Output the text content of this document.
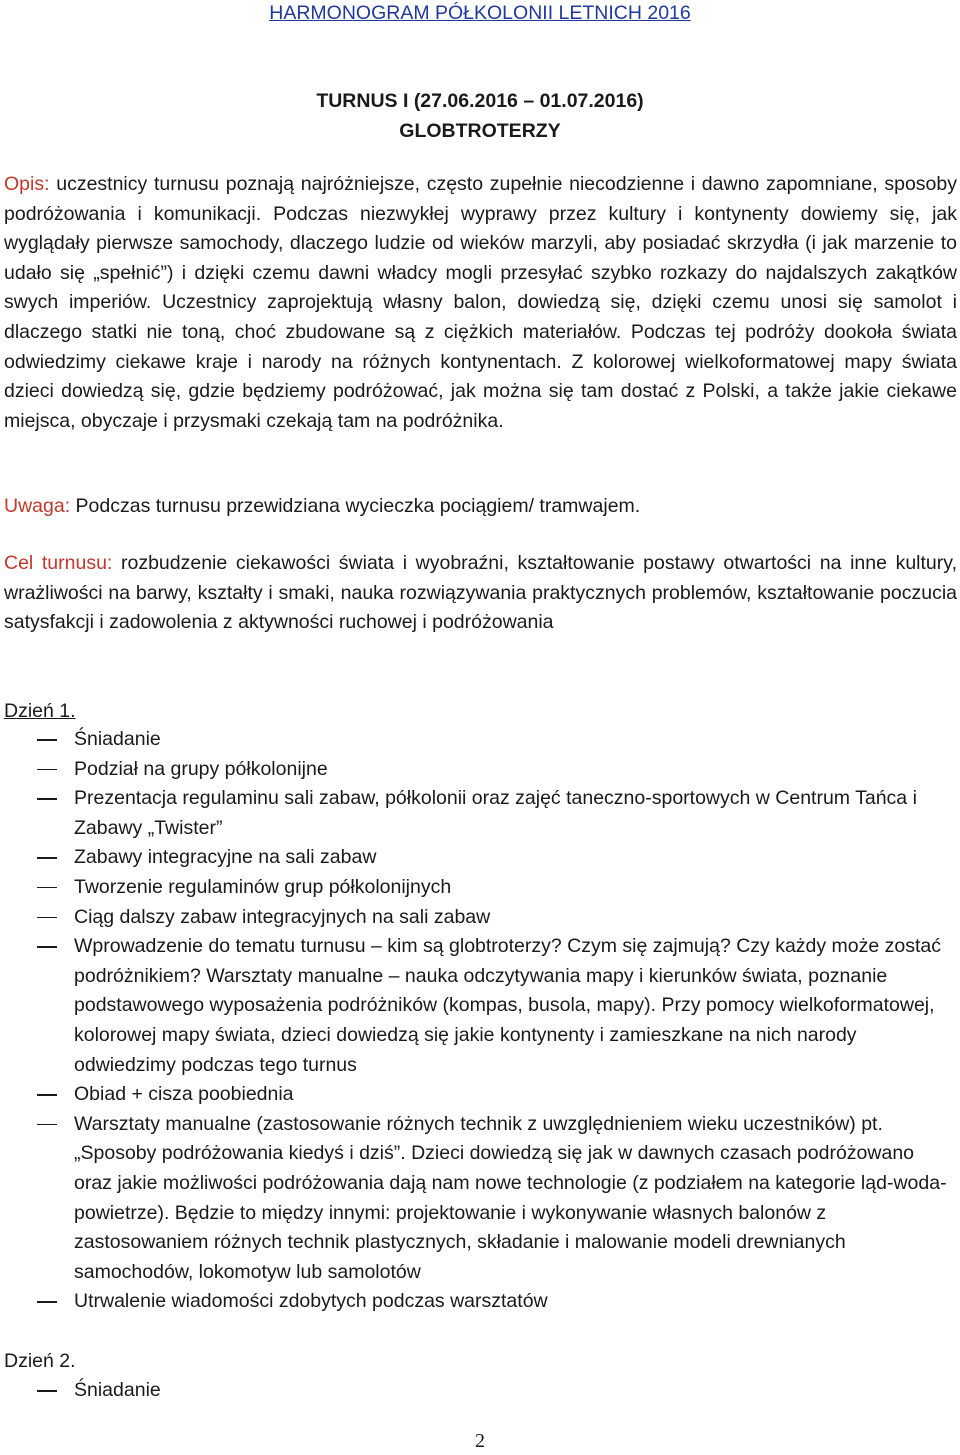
HARMONOGRAM PÓŁKOLONII LETNICH 2016
TURNUS I (27.06.2016 – 01.07.2016)
GLOBTROTERZY
Opis: uczestnicy turnusu poznają najróżniejsze, często zupełnie niecodzienne i dawno zapomniane, sposoby podróżowania i komunikacji. Podczas niezwykłej wyprawy przez kultury i kontynenty dowiemy się, jak wyglądały pierwsze samochody, dlaczego ludzie od wieków marzyli, aby posiadać skrzydła (i jak marzenie to udało się „spełnić”) i dzięki czemu dawni władcy mogli przesyłać szybko rozkazy do najdalszych zakątków swych imperiów. Uczestnicy zaprojektują własny balon, dowiedzą się, dzięki czemu unosi się samolot i dlaczego statki nie toną, choć zbudowane są z ciężkich materiałów. Podczas tej podróży dookoła świata odwiedzimy ciekawe kraje i narody na różnych kontynentach. Z kolorowej wielkoformatowej mapy świata dzieci dowiedzą się, gdzie będziemy podróżować, jak można się tam dostać z Polski, a także jakie ciekawe miejsca, obyczaje i przysmaki czekają tam na podróżnika.
Uwaga: Podczas turnusu przewidziana wycieczka pociągiem/ tramwajem.
Cel turnusu: rozbudzenie ciekawości świata i wyobraźni, kształtowanie postawy otwartości na inne kultury, wrażliwości na barwy, kształty i smaki, nauka rozwiązywania praktycznych problemów, kształtowanie poczucia satysfakcji i zadowolenia z aktywności ruchowej i podróżowania
Dzień 1.
Śniadanie
Podział na grupy półkolonijne
Prezentacja regulaminu sali zabaw, półkolonii oraz zajęć taneczno-sportowych w Centrum Tańca i Zabawy „Twister”
Zabawy integracyjne na sali zabaw
Tworzenie regulaminów grup półkolonijnych
Ciąg dalszy zabaw integracyjnych na sali zabaw
Wprowadzenie do tematu turnusu – kim są globtroterzy? Czym się zajmują? Czy każdy może zostać podróżnikiem? Warsztaty manualne – nauka odczytywania mapy i kierunków świata, poznanie podstawowego wyposażenia podróżników (kompas, busola, mapy). Przy pomocy wielkoformatowej, kolorowej mapy świata, dzieci dowiedzą się jakie kontynenty i zamieszkane na nich narody odwiedzimy podczas tego turnus
Obiad + cisza poobiednia
Warsztaty manualne (zastosowanie różnych technik z uwzględnieniem wieku uczestników) pt. „Sposoby podróżowania kiedyś i dziś”. Dzieci dowiedzą się jak w dawnych czasach podróżowano oraz jakie możliwości podróżowania dają nam nowe technologie (z podziałem na kategorie ląd-woda-powietrze). Będzie to między innymi: projektowanie i wykonywanie własnych balonów z zastosowaniem różnych technik plastycznych, składanie i malowanie modeli drewnianych samochodów, lokomotyw lub samolotów
Utrwalenie wiadomości zdobytych podczas warsztatów
Dzień 2.
Śniadanie
2
